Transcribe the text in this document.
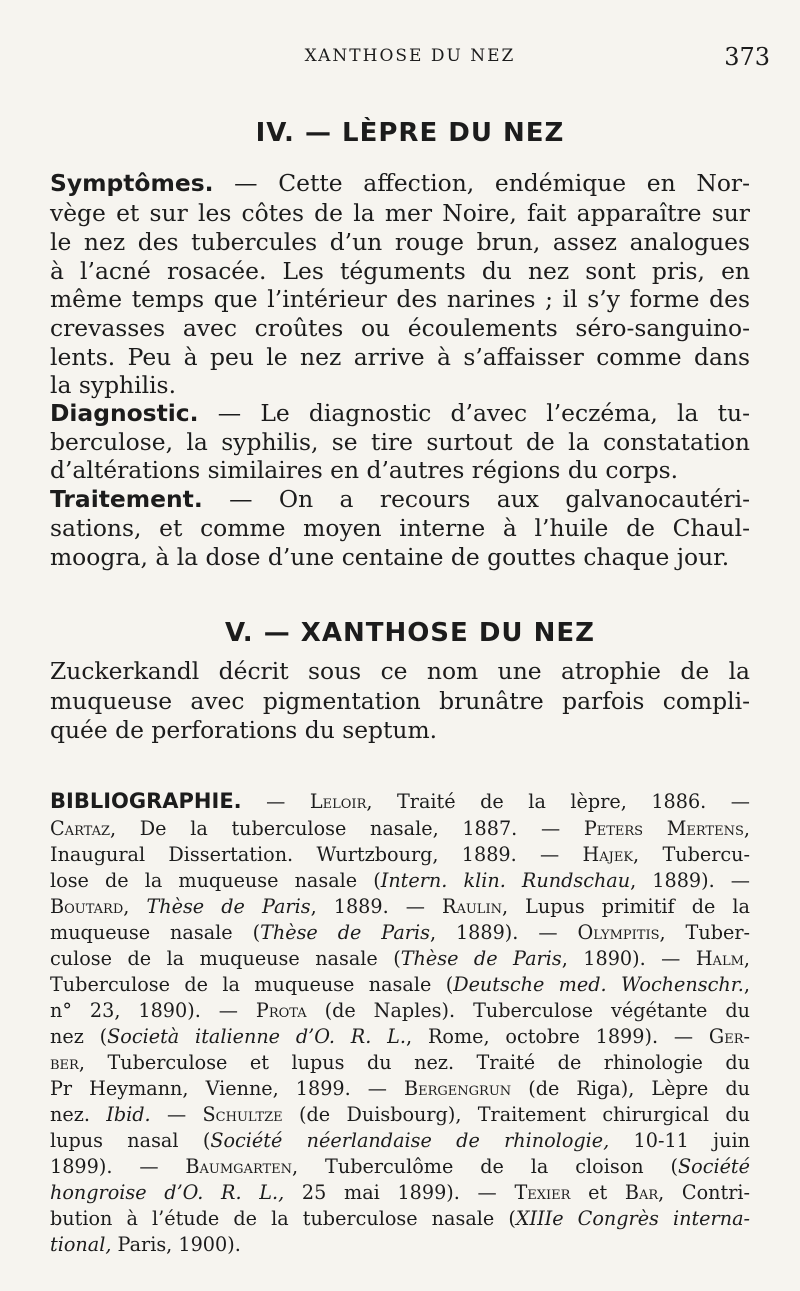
XANTHOSE DU NEZ	373
IV. — LÈPRE DU NEZ
Symptômes. — Cette affection, endémique en Nor-
vège et sur les côtes de la mer Noire, fait apparaître sur
le nez des tubercules d’un rouge brun, assez analogues
à l’acné rosacée. Les téguments du nez sont pris, en
même temps que l’intérieur des narines ; il s’y forme des
crevasses avec croûtes ou écoulements séro-sanguino-
lents. Peu à peu le nez arrive à s’affaisser comme dans
la syphilis.
Diagnostic. — Le diagnostic d’avec l’eczéma, la tu-
berculose, la syphilis, se tire surtout de la constatation
d’altérations similaires en d’autres régions du corps.
Traitement. — On a recours aux galvanocautéri-
sations, et comme moyen interne à l’huile de Chaul-
moogra, à la dose d’une centaine de gouttes chaque jour.
V. — XANTHOSE DU NEZ
Zuckerkandl décrit sous ce nom une atrophie de la
muqueuse avec pigmentation brunâtre parfois compli-
quée de perforations du septum.
BIBLIOGRAPHIE. — Leloir, Traité de la lèpre, 1886. —
Cartaz, De la tuberculose nasale, 1887. — Peters Mertens,
Inaugural Dissertation. Wurtzbourg, 1889. — Hajek, Tubercu-
lose de la muqueuse nasale (Intern. klin. Rundschau, 1889). —
Boutard, Thèse de Paris, 1889. — Raulin, Lupus primitif de la
muqueuse nasale (Thèse de Paris, 1889). — Olympitis, Tuber-
culose de la muqueuse nasale (Thèse de Paris, 1890). — Halm,
Tuberculose de la muqueuse nasale (Deutsche med. Wochenschr.,
n° 23, 1890). — Prota (de Naples). Tuberculose végétante du
nez (Società italienne d’O. R. L., Rome, octobre 1899). — Ger-
ber, Tuberculose et lupus du nez. Traité de rhinologie du
Pr Heymann, Vienne, 1899. — Bergengrun (de Riga), Lèpre du
nez. Ibid. — Schultze (de Duisbourg), Traitement chirurgical du
lupus nasal (Société néerlandaise de rhinologie, 10-11 juin
1899). — Baumgarten, Tuberculôme de la cloison (Société
hongroise d’O. R. L., 25 mai 1899). — Texier et Bar, Contri-
bution à l’étude de la tuberculose nasale (XIIIe Congrès interna-
tional, Paris, 1900).
